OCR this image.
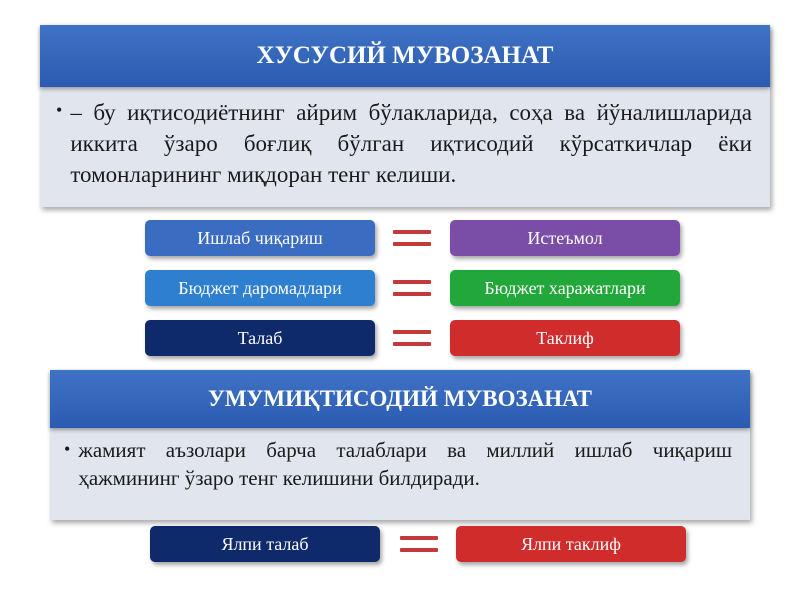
ХУСУСИЙ МУВОЗАНАТ
• – бу иқтисодиётнинг айрим бўлакларида, соҳа ва йўналишларида иккита ўзаро боғлиқ бўлган иқтисодий кўрсаткичлар ёки томонларининг миқдоран тенг келиши.
Ишлаб чиқариш	Истеъмол
Бюджет даромадлари	Бюджет харажатлари
Талаб	Таклиф
УМУМИҚТИСОДИЙ МУВОЗАНАТ
• жамият аъзолари барча талаблари ва миллий ишлаб чиқариш ҳажмининг ўзаро тенг келишини билдиради.
Ялпи талаб	Ялпи таклиф
